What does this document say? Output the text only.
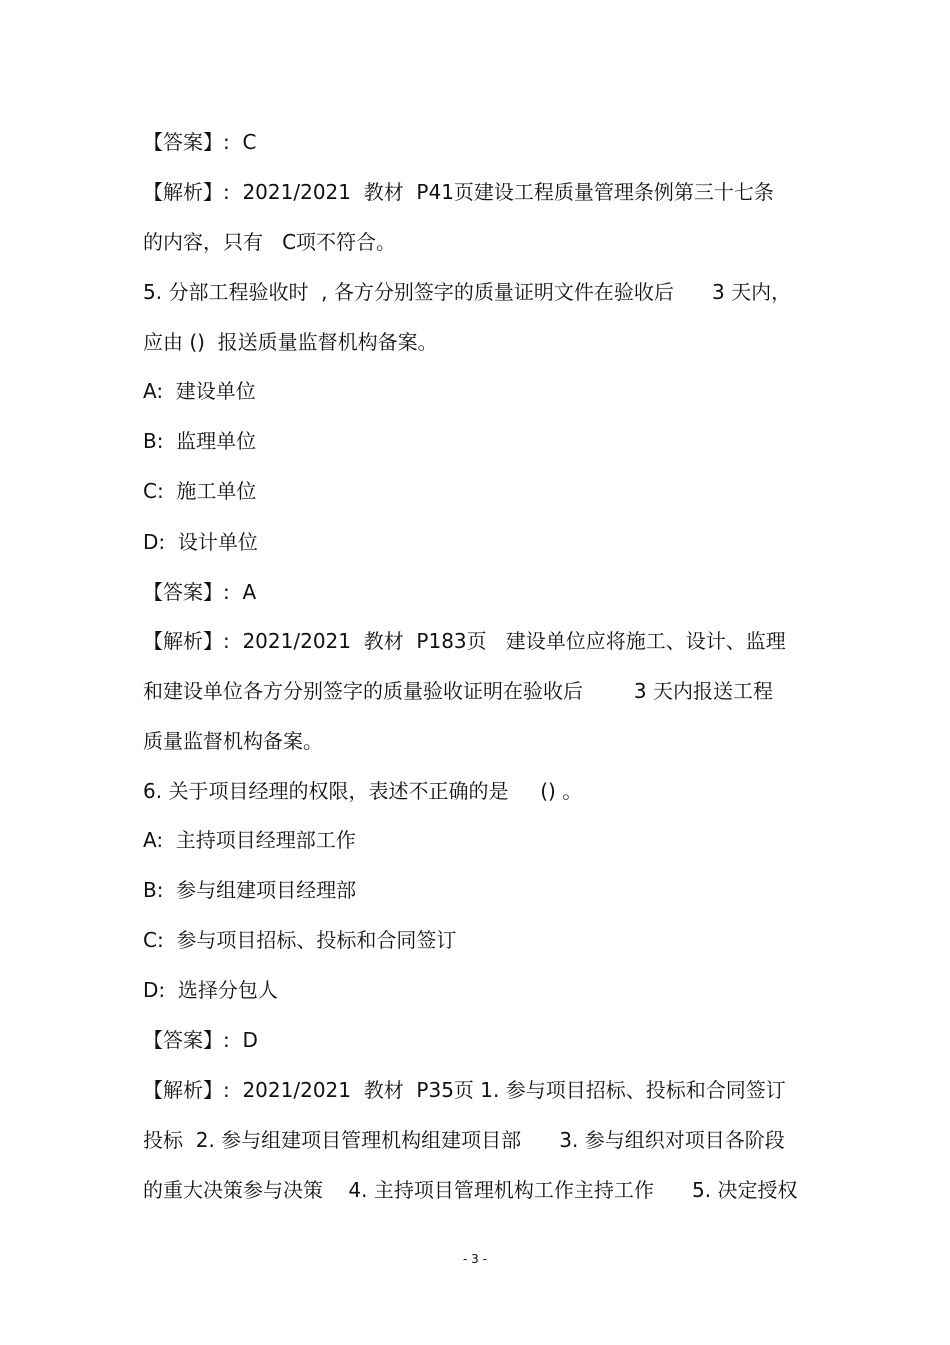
【答案】:  C
【解析】:  2021/2021  教材  P41页建设工程质量管理条例第三十七条
的内容，只有   C项不符合。
5. 分部工程验收时  , 各方分别签字的质量证明文件在验收后      3 天内，
应由 ()  报送质量监督机构备案。
A:  建设单位
B:  监理单位
C:  施工单位
D:  设计单位
【答案】:  A
【解析】:  2021/2021  教材  P183页   建设单位应将施工、设计、监理
和建设单位各方分别签字的质量验收证明在验收后        3 天内报送工程
质量监督机构备案。
6. 关于项目经理的权限，表述不正确的是     () 。
A:  主持项目经理部工作
B:  参与组建项目经理部
C:  参与项目招标、投标和合同签订
D:  选择分包人
【答案】:  D
【解析】:  2021/2021  教材  P35页 1. 参与项目招标、投标和合同签订
投标  2. 参与组建项目管理机构组建项目部      3. 参与组织对项目各阶段
的重大决策参与决策    4. 主持项目管理机构工作主持工作      5. 决定授权
- 3 -
